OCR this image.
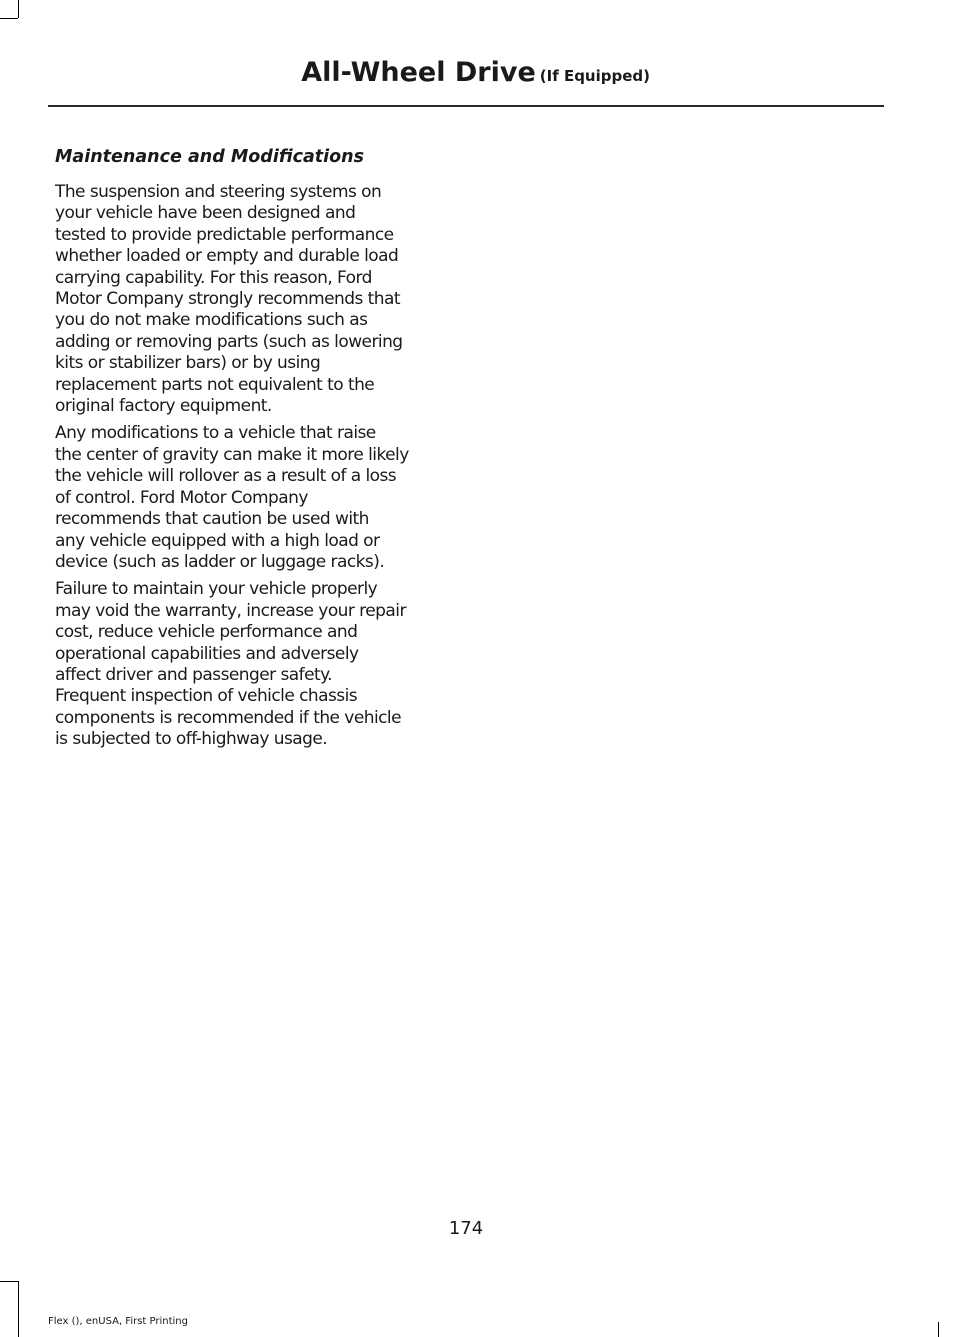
All-Wheel Drive (If Equipped)
Maintenance and Modifications

The suspension and steering systems on
your vehicle have been designed and
tested to provide predictable performance
whether loaded or empty and durable load
carrying capability. For this reason, Ford
Motor Company strongly recommends that
you do not make modifications such as
adding or removing parts (such as lowering
kits or stabilizer bars) or by using
replacement parts not equivalent to the
original factory equipment.

Any modifications to a vehicle that raise
the center of gravity can make it more likely
the vehicle will rollover as a result of a loss
of control. Ford Motor Company
recommends that caution be used with
any vehicle equipped with a high load or
device (such as ladder or luggage racks).

Failure to maintain your vehicle properly
may void the warranty, increase your repair
cost, reduce vehicle performance and
operational capabilities and adversely
affect driver and passenger safety.
Frequent inspection of vehicle chassis
components is recommended if the vehicle
is subjected to off-highway usage.

174
Flex (), enUSA, First Printing
